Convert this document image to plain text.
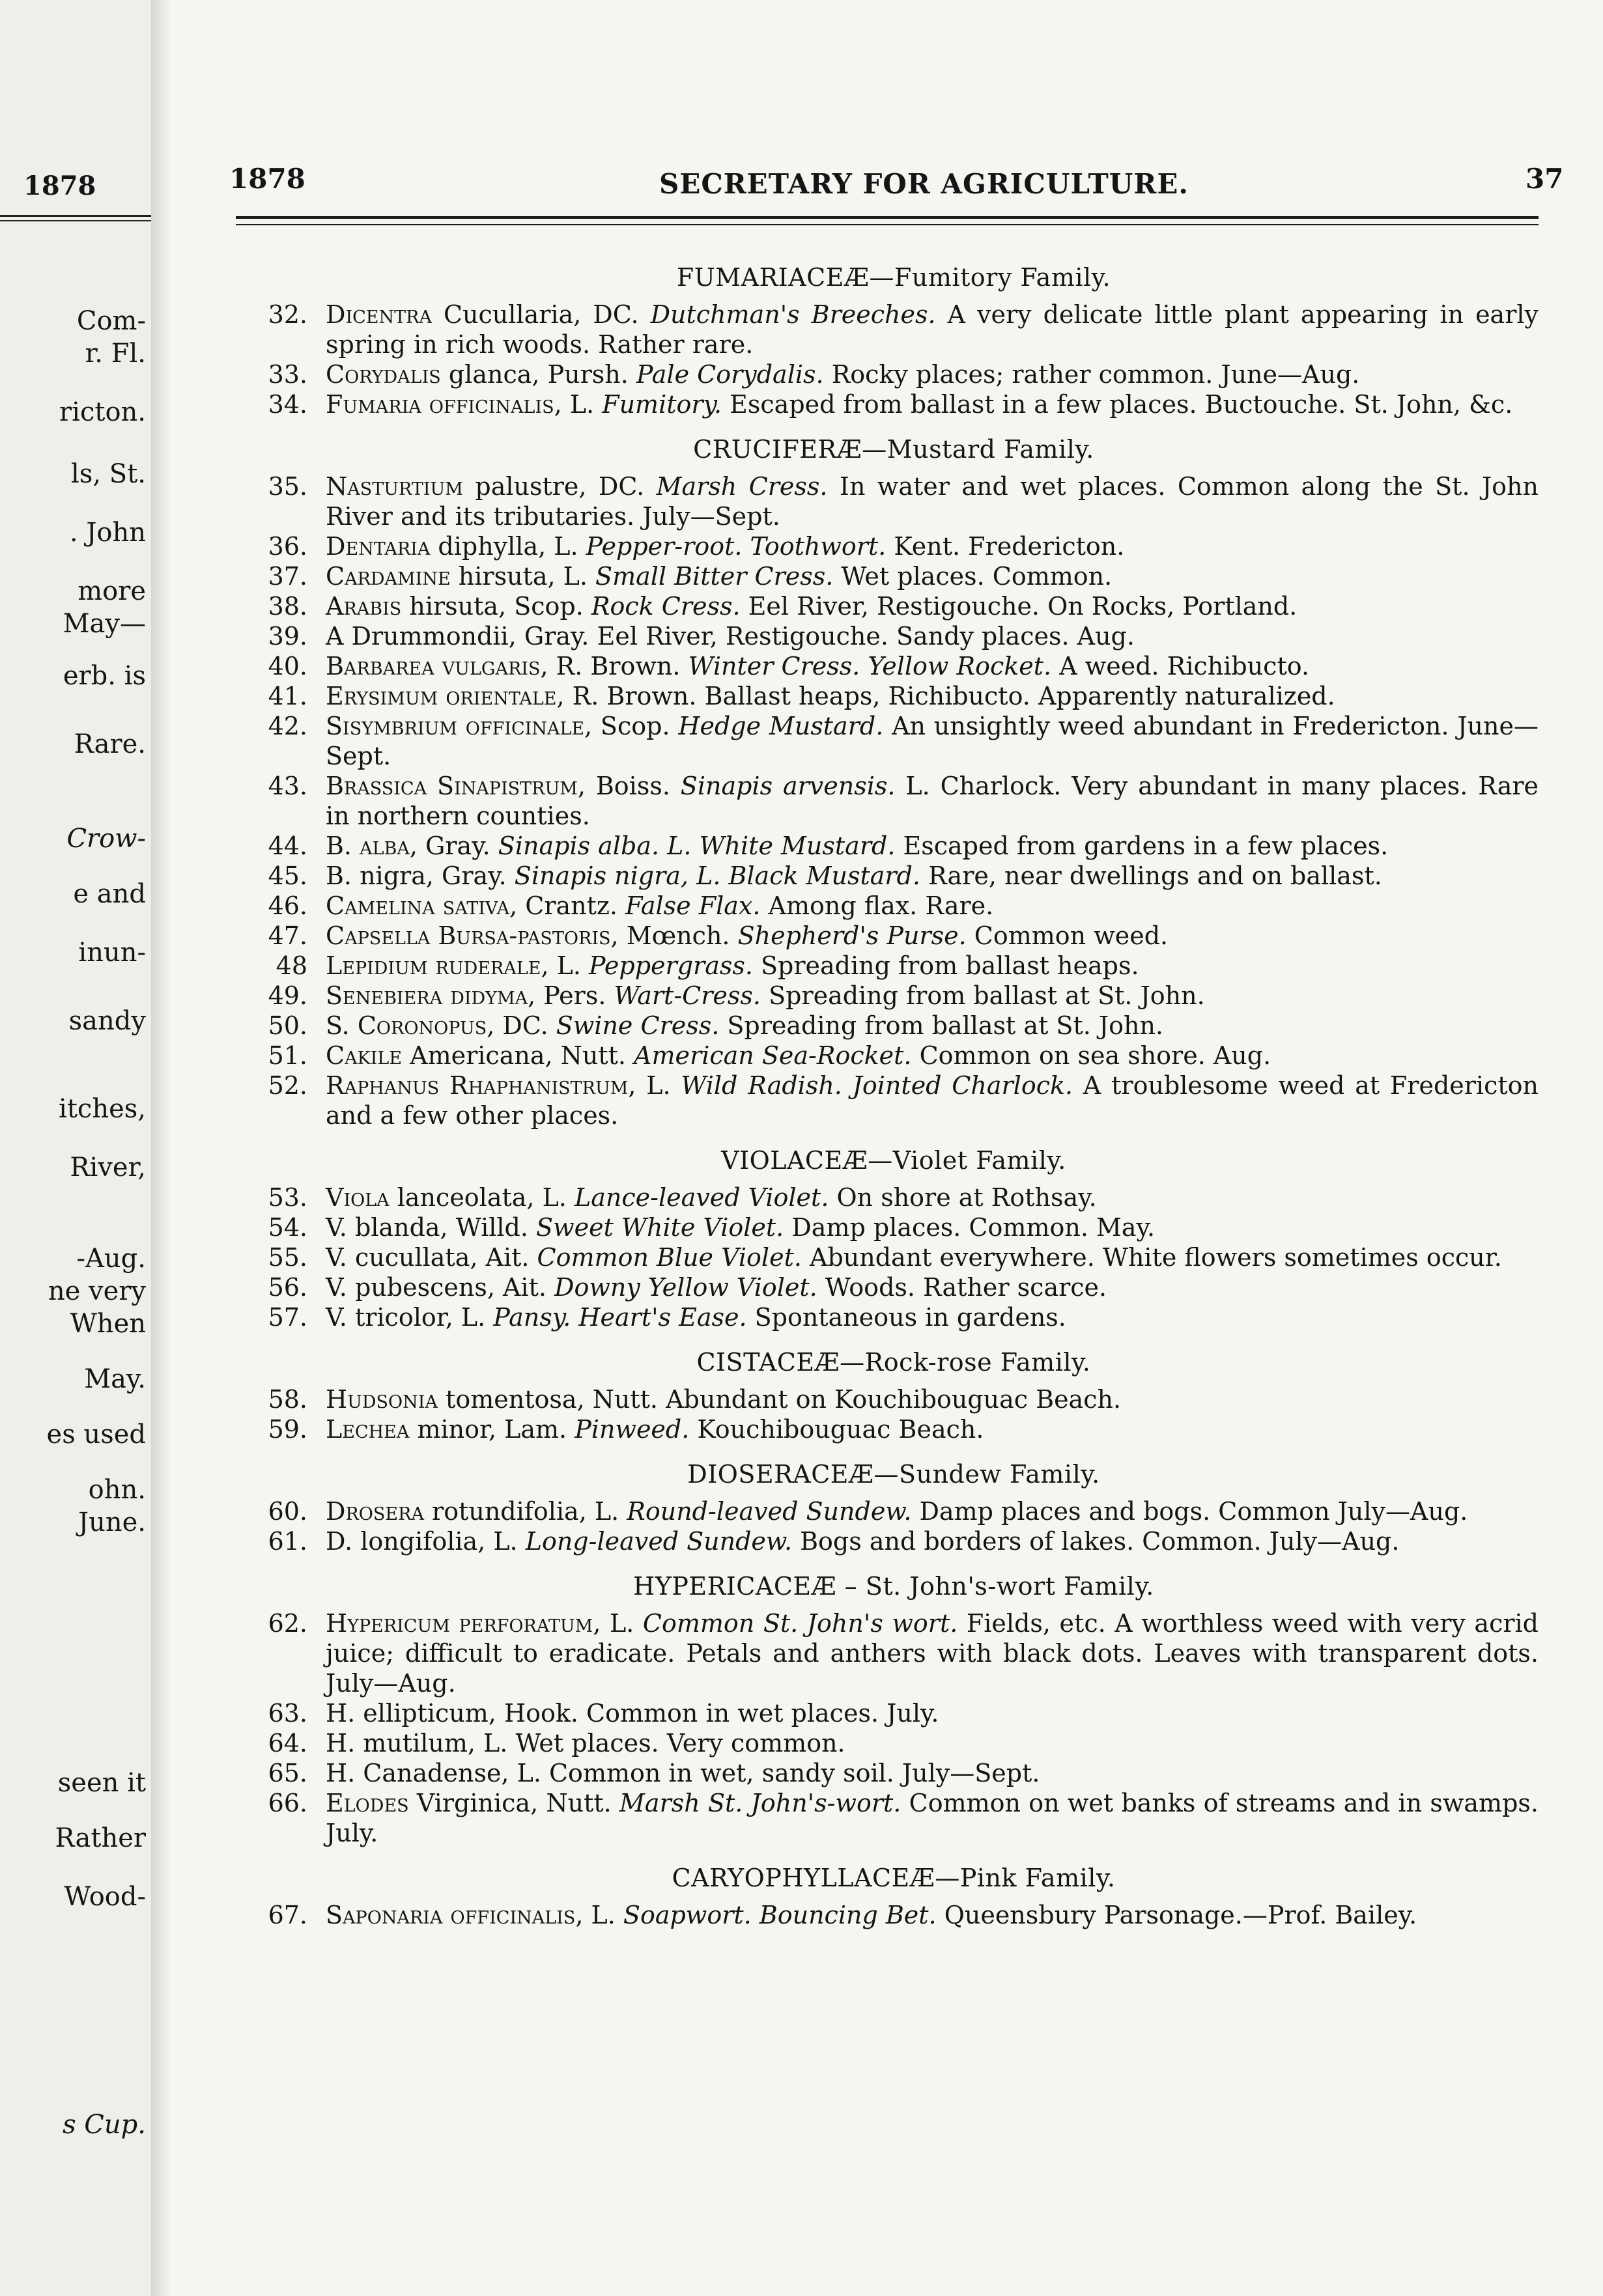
1878
Com-
r. Fl.
ricton.
ls, St.
. John
more
May—
erb. is
Rare.
Crow-
e and
inun-
sandy
itches,
River,
-Aug.
ne very
When
May.
es used
ohn.
June.
seen it
Rather
Wood-
s Cup.
1878	SECRETARY FOR AGRICULTURE.	37
FUMARIACEÆ—Fumitory Family.
32. Dicentra Cucullaria, DC. Dutchman's Breeches. A very delicate little plant appearing in early spring in rich woods. Rather rare.
33. Corydalis glanca, Pursh. Pale Corydalis. Rocky places; rather common. June—Aug.
34. Fumaria officinalis, L. Fumitory. Escaped from ballast in a few places. Buctouche. St. John, &c.
CRUCIFERÆ—Mustard Family.
35. Nasturtium palustre, DC. Marsh Cress. In water and wet places. Common along the St. John River and its tributaries. July—Sept.
36. Dentaria diphylla, L. Pepper-root. Toothwort. Kent. Fredericton.
37. Cardamine hirsuta, L. Small Bitter Cress. Wet places. Common.
38. Arabis hirsuta, Scop. Rock Cress. Eel River, Restigouche. On Rocks, Portland.
39. A Drummondii, Gray. Eel River, Restigouche. Sandy places. Aug.
40. Barbarea vulgaris, R. Brown. Winter Cress. Yellow Rocket. A weed. Richibucto.
41. Erysimum orientale, R. Brown. Ballast heaps, Richibucto. Apparently naturalized.
42. Sisymbrium officinale, Scop. Hedge Mustard. An unsightly weed abundant in Fredericton. June—Sept.
43. Brassica Sinapistrum, Boiss. Sinapis arvensis. L. Charlock. Very abundant in many places. Rare in northern counties.
44. B. alba, Gray. Sinapis alba. L. White Mustard. Escaped from gardens in a few places.
45. B. nigra, Gray. Sinapis nigra, L. Black Mustard. Rare, near dwellings and on ballast.
46. Camelina sativa, Crantz. False Flax. Among flax. Rare.
47. Capsella Bursa-pastoris, Mœnch. Shepherd's Purse. Common weed.
48 Lepidium ruderale, L. Peppergrass. Spreading from ballast heaps.
49. Senebiera didyma, Pers. Wart-Cress. Spreading from ballast at St. John.
50. S. Coronopus, DC. Swine Cress. Spreading from ballast at St. John.
51. Cakile Americana, Nutt. American Sea-Rocket. Common on sea shore. Aug.
52. Raphanus Rhaphanistrum, L. Wild Radish. Jointed Charlock. A troublesome weed at Fredericton and a few other places.
VIOLACEÆ—Violet Family.
53. Viola lanceolata, L. Lance-leaved Violet. On shore at Rothsay.
54. V. blanda, Willd. Sweet White Violet. Damp places. Common. May.
55. V. cucullata, Ait. Common Blue Violet. Abundant everywhere. White flowers sometimes occur.
56. V. pubescens, Ait. Downy Yellow Violet. Woods. Rather scarce.
57. V. tricolor, L. Pansy. Heart's Ease. Spontaneous in gardens.
CISTACEÆ—Rock-rose Family.
58. Hudsonia tomentosa, Nutt. Abundant on Kouchibouguac Beach.
59. Lechea minor, Lam. Pinweed. Kouchibouguac Beach.
DIOSERACEÆ—Sundew Family.
60. Drosera rotundifolia, L. Round-leaved Sundew. Damp places and bogs. Common July—Aug.
61. D. longifolia, L. Long-leaved Sundew. Bogs and borders of lakes. Common. July—Aug.
HYPERICACEÆ – St. John's-wort Family.
62. Hypericum perforatum, L. Common St. John's wort. Fields, etc. A worthless weed with very acrid juice; difficult to eradicate. Petals and anthers with black dots. Leaves with transparent dots. July—Aug.
63. H. ellipticum, Hook. Common in wet places. July.
64. H. mutilum, L. Wet places. Very common.
65. H. Canadense, L. Common in wet, sandy soil. July—Sept.
66. Elodes Virginica, Nutt. Marsh St. John's-wort. Common on wet banks of streams and in swamps. July.
CARYOPHYLLACEÆ—Pink Family.
67. Saponaria officinalis, L. Soapwort. Bouncing Bet. Queensbury Parsonage.—Prof. Bailey.
